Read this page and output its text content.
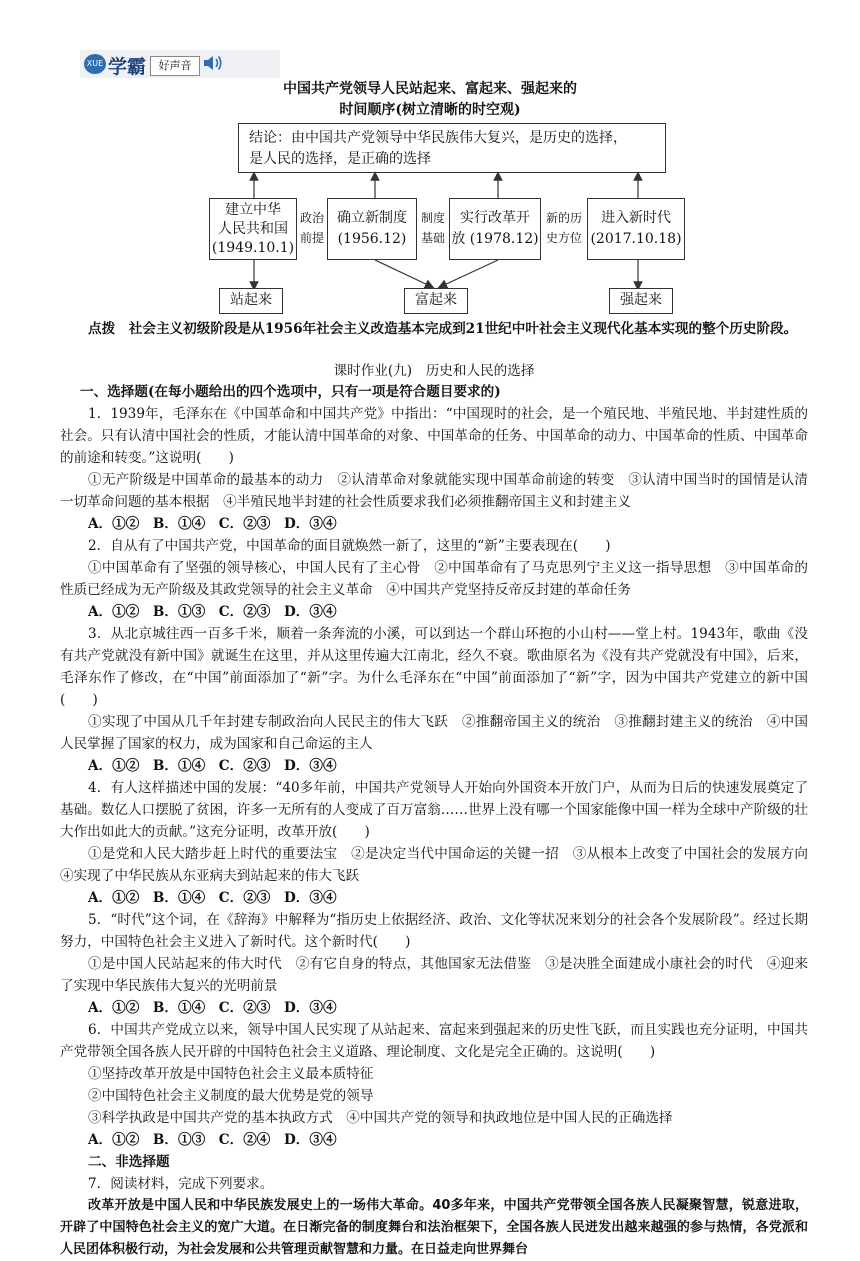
XUE 学霸	好声音
中国共产党领导人民站起来、富起来、强起来的
时间顺序(树立清晰的时空观)
结论：由中国共产党领导中华民族伟大复兴，是历史的选择，
是人民的选择，是正确的选择
建立中华
人民共和国
(1949.10.1)
政治
前提
确立新制度
(1956.12)
制度
基础
实行改革开
放 (1978.12)
新的历
史方位
进入新时代
(2017.10.18)
站起来	富起来	强起来
点拨　 社会主义初级阶段是从1956年社会主义改造基本完成到21世纪中叶社会主义现代化基本实现的整个历史阶段。
课时作业(九)　历史和人民的选择
一、选择题(在每小题给出的四个选项中，只有一项是符合题目要求的)
1．1939年，毛泽东在《中国革命和中国共产党》中指出：“中国现时的社会，是一个殖民地、半殖民地、半封建性质的社会。只有认清中国社会的性质，才能认清中国革命的对象、中国革命的任务、中国革命的动力、中国革命的性质、中国革命的前途和转变。”这说明(　　)
①无产阶级是中国革命的最基本的动力　②认清革命对象就能实现中国革命前途的转变　③认清中国当时的国情是认清一切革命问题的基本根据　④半殖民地半封建的社会性质要求我们必须推翻帝国主义和封建主义
A．①②　B．①④　C．②③　D．③④
2．自从有了中国共产党，中国革命的面目就焕然一新了，这里的“新”主要表现在(　　)
①中国革命有了坚强的领导核心，中国人民有了主心骨　②中国革命有了马克思列宁主义这一指导思想　③中国革命的性质已经成为无产阶级及其政党领导的社会主义革命　④中国共产党坚持反帝反封建的革命任务
A．①②　B．①③　C．②③　D．③④
3．从北京城往西一百多千米，顺着一条奔流的小溪，可以到达一个群山环抱的小山村——堂上村。1943年，歌曲《没有共产党就没有新中国》就诞生在这里，并从这里传遍大江南北，经久不衰。歌曲原名为《没有共产党就没有中国》，后来，毛泽东作了修改，在“中国”前面添加了“新”字。为什么毛泽东在“中国”前面添加了“新”字，因为中国共产党建立的新中国(　　)
①实现了中国从几千年封建专制政治向人民民主的伟大飞跃　②推翻帝国主义的统治　③推翻封建主义的统治　④中国人民掌握了国家的权力，成为国家和自己命运的主人
A．①②　B．①④　C．②③　D．③④
4．有人这样描述中国的发展：“40多年前，中国共产党领导人开始向外国资本开放门户，从而为日后的快速发展奠定了基础。数亿人口摆脱了贫困，许多一无所有的人变成了百万富翁……世界上没有哪一个国家能像中国一样为全球中产阶级的壮大作出如此大的贡献。”这充分证明，改革开放(　　)
①是党和人民大踏步赶上时代的重要法宝　②是决定当代中国命运的关键一招　③从根本上改变了中国社会的发展方向　④实现了中华民族从东亚病夫到站起来的伟大飞跃
A．①②　B．①④　C．②③　D．③④
5．“时代”这个词，在《辞海》中解释为“指历史上依据经济、政治、文化等状况来划分的社会各个发展阶段”。经过长期努力，中国特色社会主义进入了新时代。这个新时代(　　)
①是中国人民站起来的伟大时代　②有它自身的特点，其他国家无法借鉴　③是决胜全面建成小康社会的时代　④迎来了实现中华民族伟大复兴的光明前景
A．①②　B．①④　C．②③　D．③④
6．中国共产党成立以来，领导中国人民实现了从站起来、富起来到强起来的历史性飞跃，而且实践也充分证明，中国共产党带领全国各族人民开辟的中国特色社会主义道路、理论制度、文化是完全正确的。这说明(　　)
①坚持改革开放是中国特色社会主义最本质特征
②中国特色社会主义制度的最大优势是党的领导
③科学执政是中国共产党的基本执政方式　④中国共产党的领导和执政地位是中国人民的正确选择
A．①②　B．①③　C．②④　D．③④
二、非选择题
7．阅读材料，完成下列要求。
改革开放是中国人民和中华民族发展史上的一场伟大革命。40多年来，中国共产党带领全国各族人民凝聚智慧，锐意进取，开辟了中国特色社会主义的宽广大道。在日渐完备的制度舞台和法治框架下，全国各族人民迸发出越来越强的参与热情，各党派和人民团体积极行动，为社会发展和公共管理贡献智慧和力量。在日益走向世界舞台
